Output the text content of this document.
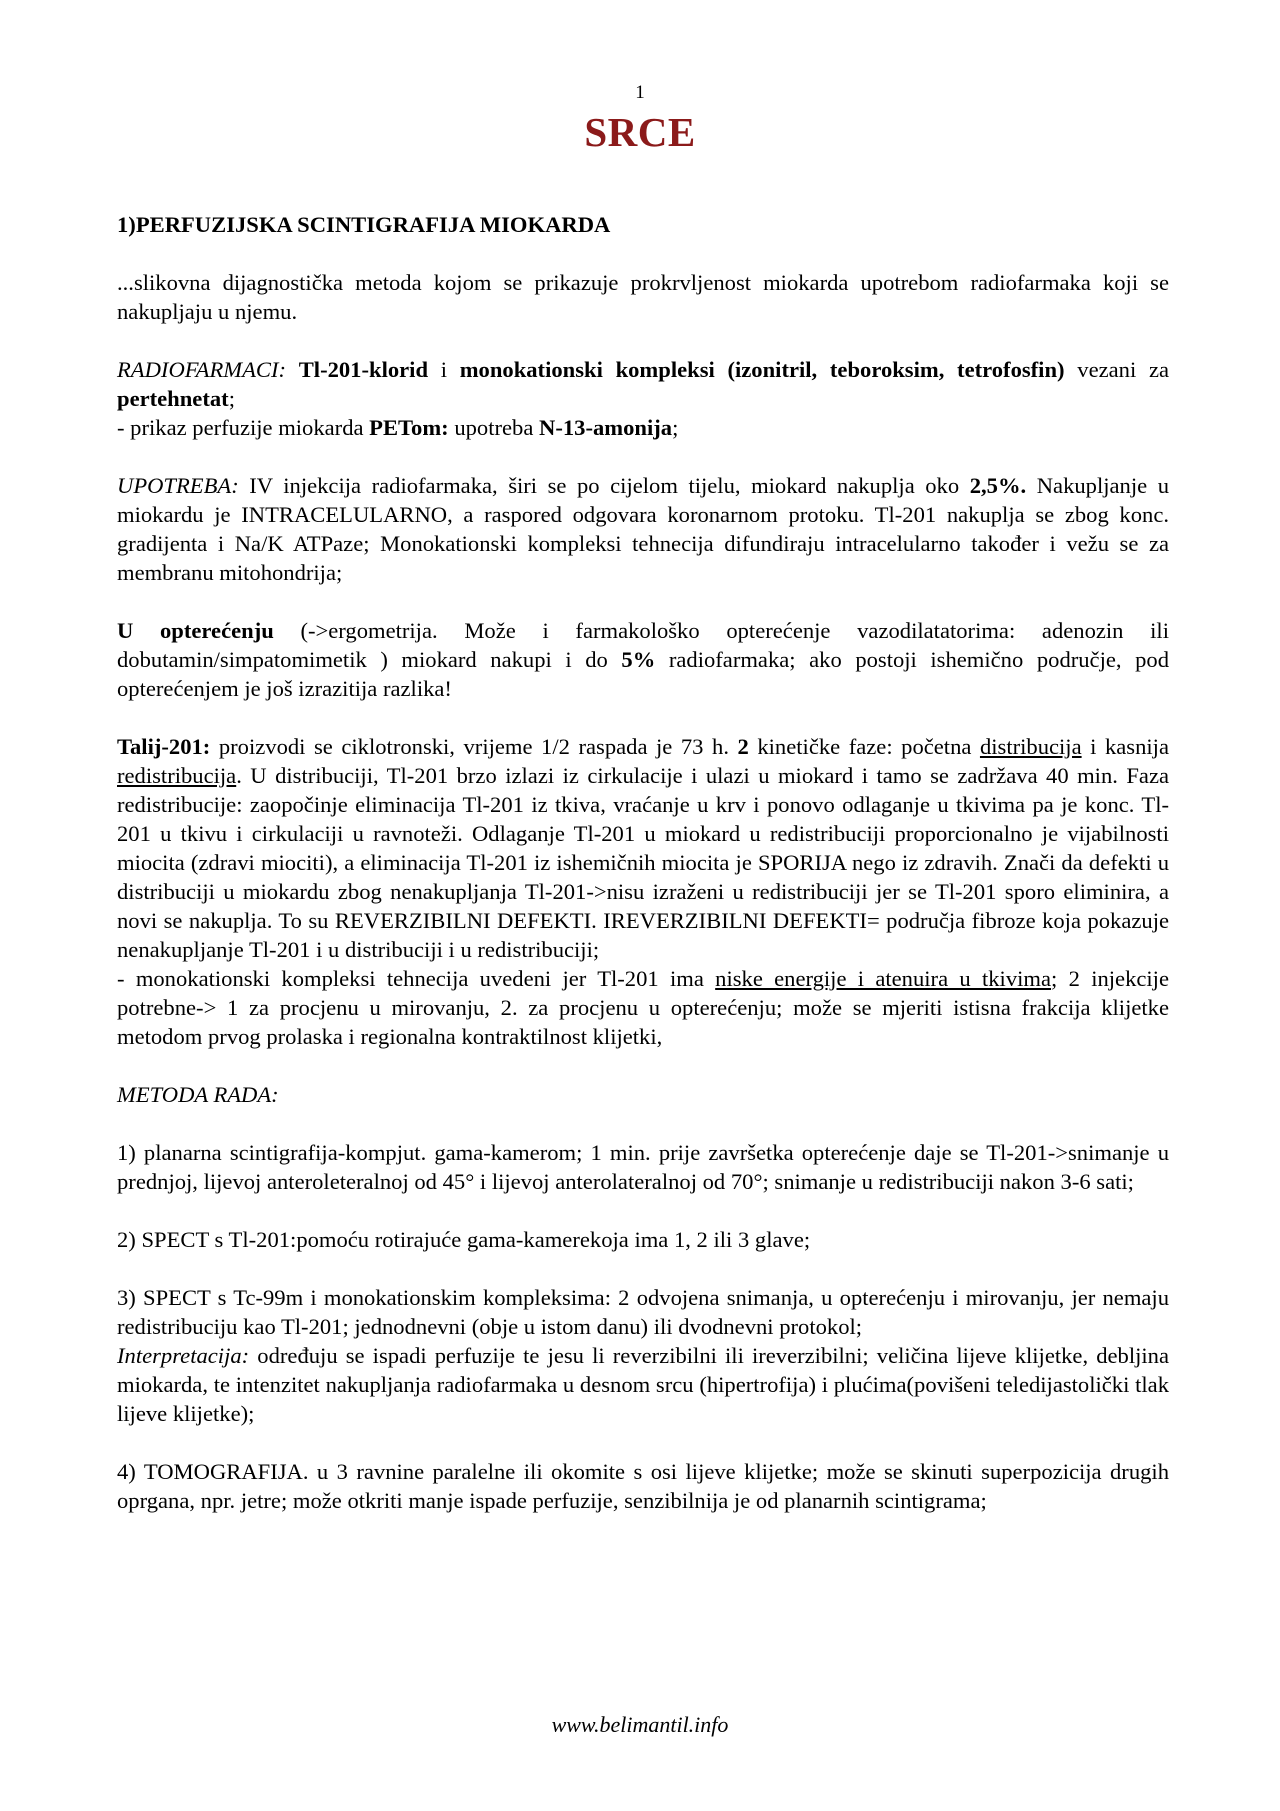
1
SRCE

1)PERFUZIJSKA SCINTIGRAFIJA MIOKARDA

...slikovna dijagnostička metoda kojom se prikazuje prokrvljenost miokarda upotrebom radiofarmaka koji se nakupljaju u njemu.

RADIOFARMACI: Tl-201-klorid i monokationski kompleksi (izonitril, teboroksim, tetrofosfin) vezani za pertehnetat;

- prikaz perfuzije miokarda PETom: upotreba N-13-amonija;

UPOTREBA: IV injekcija radiofarmaka, širi se po cijelom tijelu, miokard nakuplja oko 2,5%. Nakupljanje u miokardu je INTRACELULARNO, a raspored odgovara koronarnom protoku. Tl-201 nakuplja se zbog konc. gradijenta i Na/K ATPaze; Monokationski kompleksi tehnecija difundiraju intracelularno također i vežu se za membranu mitohondrija;

U opterećenju (->ergometrija. Može i farmakološko opterećenje vazodilatatorima: adenozin ili dobutamin/simpatomimetik ) miokard nakupi i do 5% radiofarmaka; ako postoji ishemično područje, pod opterećenjem je još izrazitija razlika!

Talij-201: proizvodi se ciklotronski, vrijeme 1/2 raspada je 73 h. 2 kinetičke faze: početna distribucija i kasnija redistribucija. U distribuciji, Tl-201 brzo izlazi iz cirkulacije i ulazi u miokard i tamo se zadržava 40 min. Faza redistribucije: zaopočinje eliminacija Tl-201 iz tkiva, vraćanje u krv i ponovo odlaganje u tkivima pa je konc. Tl-201 u tkivu i cirkulaciji u ravnoteži. Odlaganje Tl-201 u miokard u redistribuciji proporcionalno je vijabilnosti miocita (zdravi miociti), a eliminacija Tl-201 iz ishemičnih miocita je SPORIJA nego iz zdravih. Znači da defekti u distribuciji u miokardu zbog nenakupljanja Tl-201->nisu izraženi u redistribuciji jer se Tl-201 sporo eliminira, a novi se nakuplja. To su REVERZIBILNI DEFEKTI. IREVERZIBILNI DEFEKTI= područja fibroze koja pokazuje nenakupljanje Tl-201 i u distribuciji i u redistribuciji;

- monokationski kompleksi tehnecija uvedeni jer Tl-201 ima niske energije i atenuira u tkivima; 2 injekcije potrebne-> 1 za procjenu u mirovanju, 2. za procjenu u opterećenju; može se mjeriti istisna frakcija klijetke metodom prvog prolaska i regionalna kontraktilnost klijetki,

METODA RADA:

1) planarna scintigrafija-kompjut. gama-kamerom; 1 min. prije završetka opterećenje daje se Tl-201->snimanje u prednjoj, lijevoj anteroleteralnoj od 45° i lijevoj anterolateralnoj od 70°; snimanje u redistribuciji nakon 3-6 sati;

2) SPECT s Tl-201:pomoću rotirajuće gama-kamerekoja ima 1, 2 ili 3 glave;

3) SPECT s Tc-99m i monokationskim kompleksima: 2 odvojena snimanja, u opterećenju i mirovanju, jer nemaju redistribuciju kao Tl-201; jednodnevni (obje u istom danu) ili dvodnevni protokol;

Interpretacija: određuju se ispadi perfuzije te jesu li reverzibilni ili ireverzibilni; veličina lijeve klijetke, debljina miokarda, te intenzitet nakupljanja radiofarmaka u desnom srcu (hipertrofija) i plućima(povišeni teledijastolički tlak lijeve klijetke);

4) TOMOGRAFIJA. u 3 ravnine paralelne ili okomite s osi lijeve klijetke; može se skinuti superpozicija drugih oprgana, npr. jetre; može otkriti manje ispade perfuzije, senzibilnija je od planarnih scintigrama;

www.belimantil.info
